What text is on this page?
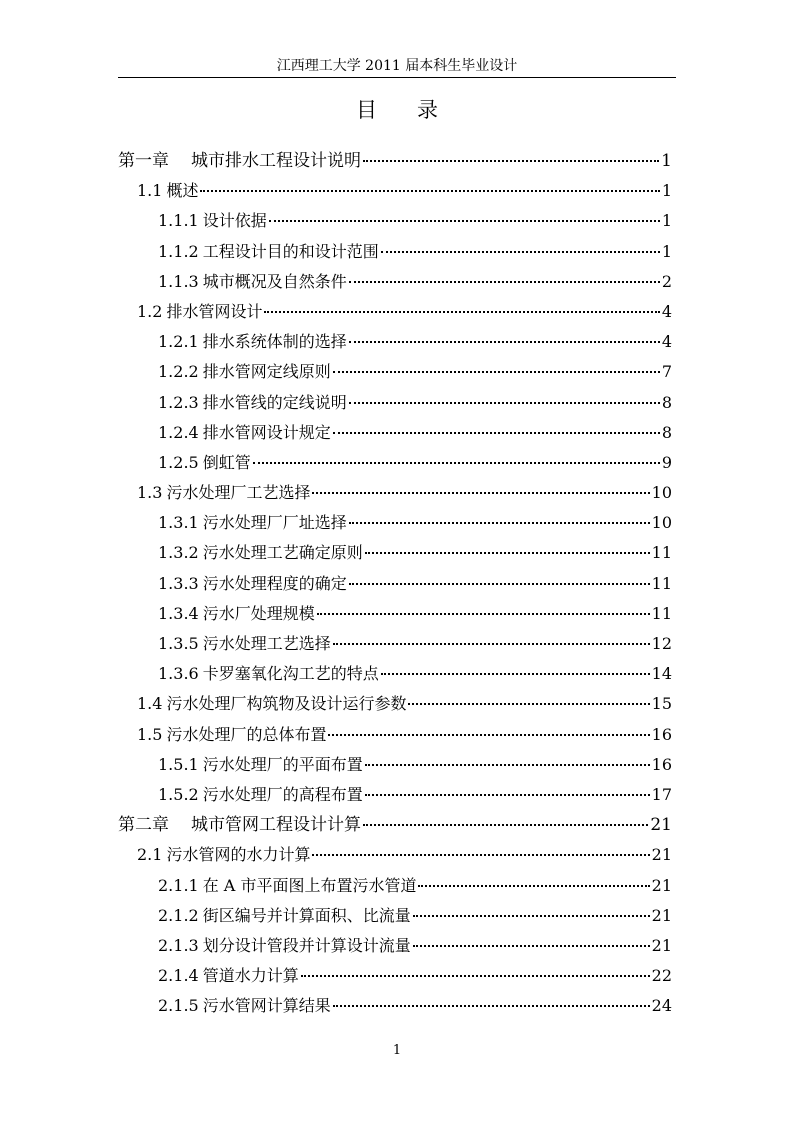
江西理工大学 2011 届本科生毕业设计
目 录
第一章 城市排水工程设计说明	1
1.1 概述	1
1.1.1 设计依据	1
1.1.2 工程设计目的和设计范围	1
1.1.3 城市概况及自然条件	2
1.2 排水管网设计	4
1.2.1 排水系统体制的选择	4
1.2.2 排水管网定线原则	7
1.2.3 排水管线的定线说明	8
1.2.4 排水管网设计规定	8
1.2.5 倒虹管	9
1.3 污水处理厂工艺选择	10
1.3.1 污水处理厂厂址选择	10
1.3.2 污水处理工艺确定原则	11
1.3.3 污水处理程度的确定	11
1.3.4 污水厂处理规模	11
1.3.5 污水处理工艺选择	12
1.3.6 卡罗塞氧化沟工艺的特点	14
1.4 污水处理厂构筑物及设计运行参数	15
1.5 污水处理厂的总体布置	16
1.5.1 污水处理厂的平面布置	16
1.5.2 污水处理厂的高程布置	17
第二章 城市管网工程设计计算	21
2.1 污水管网的水力计算	21
2.1.1 在 A 市平面图上布置污水管道	21
2.1.2 街区编号并计算面积、比流量	21
2.1.3 划分设计管段并计算设计流量	21
2.1.4 管道水力计算	22
2.1.5 污水管网计算结果	24
1
